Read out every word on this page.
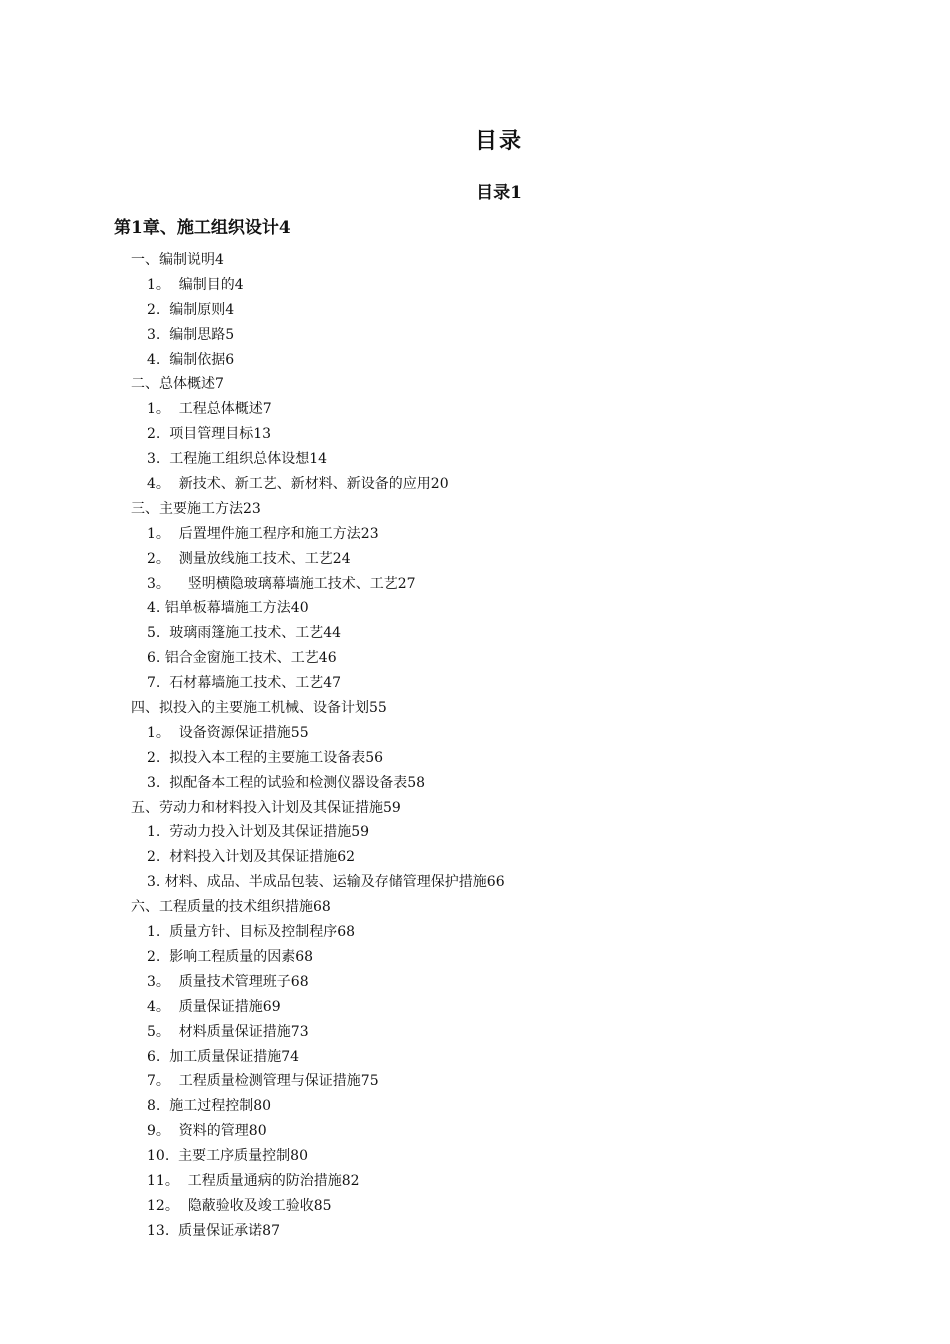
目录
目录1
第1章、施工组织设计4
一、编制说明4
1。  编制目的4
2.  编制原则4
3.  编制思路5
4.  编制依据6
二、总体概述7
1。  工程总体概述7
2.  项目管理目标13
3.  工程施工组织总体设想14
4。  新技术、新工艺、新材料、新设备的应用20
三、主要施工方法23
1。  后置埋件施工程序和施工方法23
2。  测量放线施工技术、工艺24
3。    竖明横隐玻璃幕墙施工技术、工艺27
4. 铝单板幕墙施工方法40
5.  玻璃雨篷施工技术、工艺44
6. 铝合金窗施工技术、工艺46
7.  石材幕墙施工技术、工艺47
四、拟投入的主要施工机械、设备计划55
1。  设备资源保证措施55
2.  拟投入本工程的主要施工设备表56
3.  拟配备本工程的试验和检测仪器设备表58
五、劳动力和材料投入计划及其保证措施59
1.  劳动力投入计划及其保证措施59
2.  材料投入计划及其保证措施62
3. 材料、成品、半成品包装、运输及存储管理保护措施66
六、工程质量的技术组织措施68
1.  质量方针、目标及控制程序68
2.  影响工程质量的因素68
3。  质量技术管理班子68
4。  质量保证措施69
5。  材料质量保证措施73
6.  加工质量保证措施74
7。  工程质量检测管理与保证措施75
8.  施工过程控制80
9。  资料的管理80
10.  主要工序质量控制80
11。  工程质量通病的防治措施82
12。  隐蔽验收及竣工验收85
13.  质量保证承诺87
